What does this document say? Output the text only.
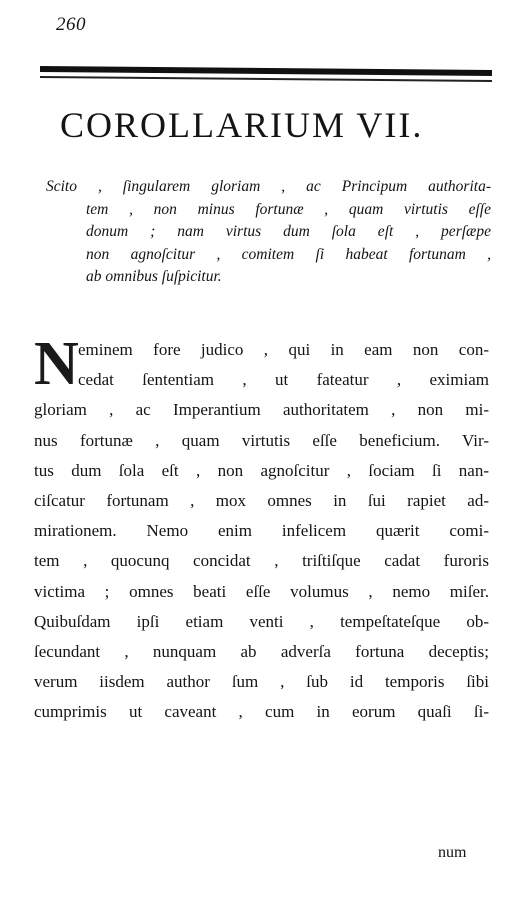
260
COROLLARIUM VII.
Scito , ſingularem gloriam , ac Principum authorita-
tem , non minus fortunæ , quam virtutis eſſe
donum ; nam virtus dum ſola eſt , perſæpe
non agnoſcitur , comitem ſi habeat fortunam ,
ab omnibus ſuſpicitur.
N eminem fore judico , qui in eam non con-
cedat ſententiam , ut fateatur , eximiam
gloriam , ac Imperantium authoritatem , non mi-
nus fortunæ , quam virtutis eſſe beneficium. Vir-
tus dum ſola eſt , non agnoſcitur , ſociam ſi nan-
ciſcatur fortunam , mox omnes in ſui rapiet ad-
mirationem. Nemo enim infelicem quærit comi-
tem , quocunq concidat , triſtiſque cadat furoris
victima ; omnes beati eſſe volumus , nemo miſer.
Quibuſdam ipſi etiam venti , tempeſtateſque ob-
ſecundant , nunquam ab adverſa fortuna deceptis;
verum iisdem author ſum , ſub id temporis ſibi
cumprimis ut caveant , cum in eorum quaſi ſi-
num
